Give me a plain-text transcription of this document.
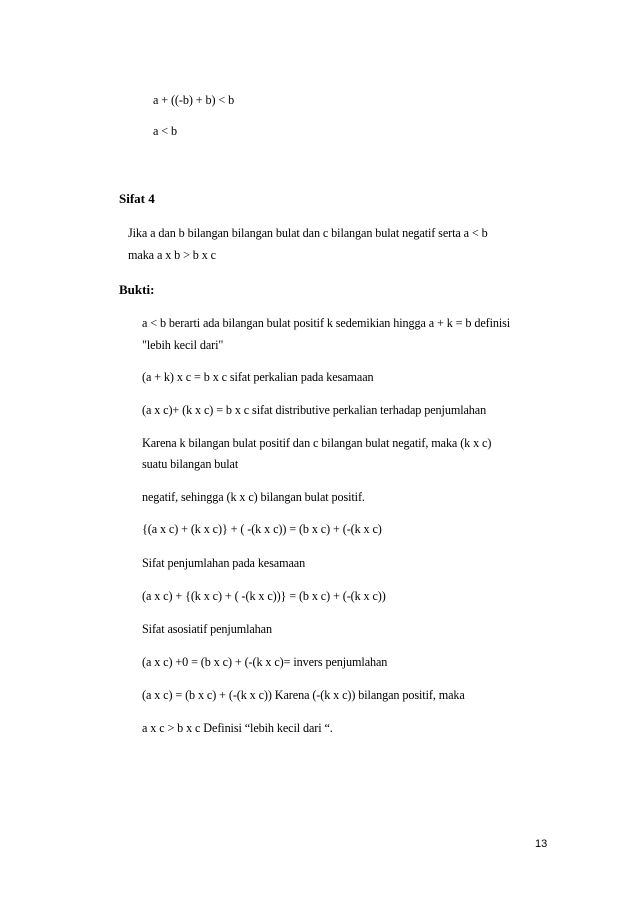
a + ((-b) + b) < b
a < b
Sifat 4
Jika a dan b bilangan bilangan bulat dan c bilangan bulat negatif serta a < b
maka a x b > b x c
Bukti:
a < b berarti ada bilangan bulat positif k sedemikian hingga a + k = b definisi
"lebih kecil dari"
(a + k) x c = b x c sifat perkalian pada kesamaan
(a x c)+ (k x c) = b x c sifat distributive perkalian terhadap penjumlahan
Karena k bilangan bulat positif dan c bilangan bulat negatif, maka (k x c)
suatu bilangan bulat
negatif, sehingga (k x c) bilangan bulat positif.
{(a x c) + (k x c)} + ( -(k x c)) = (b x c) + (-(k x c)
Sifat penjumlahan pada kesamaan
(a x c) + {(k x c) + ( -(k x c))} = (b x c) + (-(k x c))
Sifat asosiatif penjumlahan
(a x c) +0 = (b x c) + (-(k x c)= invers penjumlahan
(a x c) = (b x c) + (-(k x c)) Karena (-(k x c)) bilangan positif, maka
a x c > b x c Definisi “lebih kecil dari “.
13
